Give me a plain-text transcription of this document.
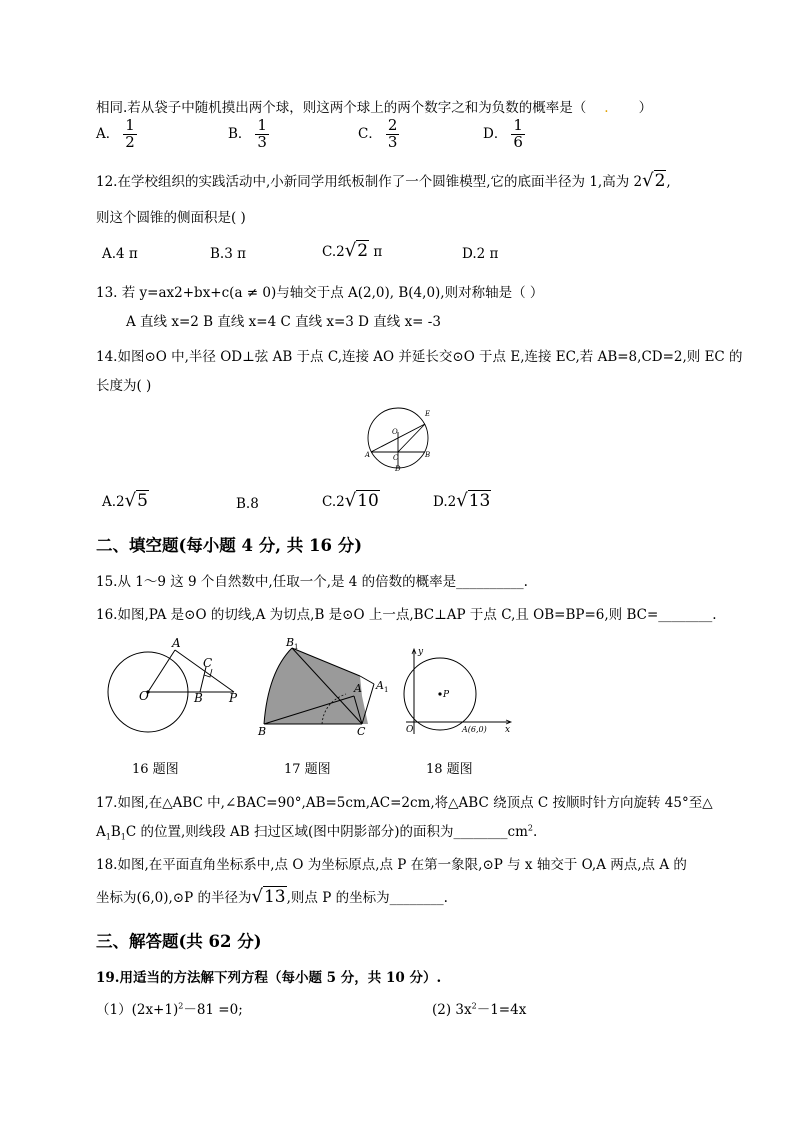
相同.若从袋子中随机摸出两个球，则这两个球上的两个数字之和为负数的概率是（ . ）
A． $\frac{1}{2}$	B． $\frac{1}{3}$	C． $\frac{2}{3}$	D． $\frac{1}{6}$
12.在学校组织的实践活动中,小新同学用纸板制作了一个圆锥模型,它的底面半径为 1,高为 2√2,
则这个圆锥的侧面积是( )
A.4 π	B.3 π	C.2√2 π	D.2 π
13. 若 y=ax2+bx+c(a ≠ 0)与轴交于点 A(2,0), B(4,0),则对称轴是（ ）
A 直线 x=2 B 直线 x=4 C 直线 x=3 D 直线 x= -3
14.如图⊙O 中,半径 OD⊥弦 AB 于点 C,连接 AO 并延长交⊙O 于点 E,连接 EC,若 AB=8,CD=2,则 EC 的
长度为( )
E
O
A	C	B
D
A.2√5	B.8	C.2√10	D.2√13
二、填空题(每小题 4 分, 共 16 分)
15.从 1～9 这 9 个自然数中,任取一个,是 4 的倍数的概率是__________.
16.如图,PA 是⊙O 的切线,A 为切点,B 是⊙O 上一点,BC⊥AP 于点 C,且 OB=BP=6,则 BC=________.
A
C
O	B P
B 1
A A 1
B	C
y
P
O	A(6,0) x
16 题图	17 题图	18 题图
17.如图,在△ABC 中,∠BAC=90°,AB=5cm,AC=2cm,将△ABC 绕顶点 C 按顺时针方向旋转 45°至△
$A_1B_1C$ 的位置,则线段 AB 扫过区域(图中阴影部分)的面积为$\_\_\_\_\_\_\_\_cm^2$.
18.如图,在平面直角坐标系中,点 O 为坐标原点,点 P 在第一象限,⊙P 与 x 轴交于 O,A 两点,点 A 的
坐标为(6,0),⊙P 的半径为√13,则点 P 的坐标为________.
三、解答题(共 62 分)
19.用适当的方法解下列方程（每小题 5 分，共 10 分）.
$(1)(2x+1)^2-81 =0$;	(2) $3x^2-1=4x$
